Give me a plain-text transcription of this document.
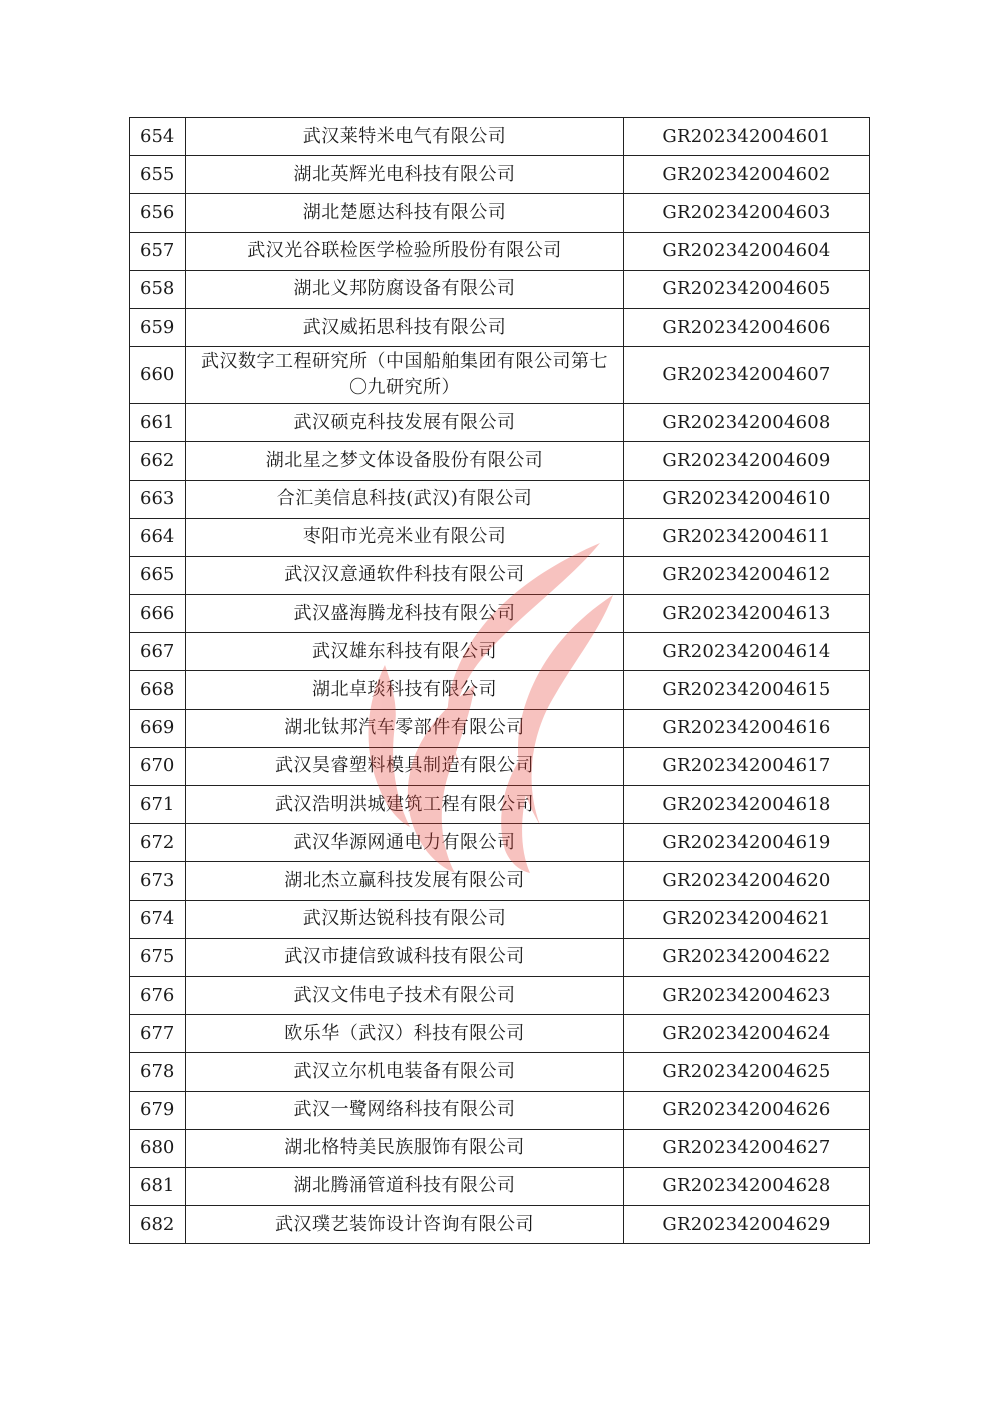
654	武汉莱特米电气有限公司	GR202342004601
655	湖北英辉光电科技有限公司	GR202342004602
656	湖北楚愿达科技有限公司	GR202342004603
657	武汉光谷联检医学检验所股份有限公司	GR202342004604
658	湖北义邦防腐设备有限公司	GR202342004605
659	武汉威拓思科技有限公司	GR202342004606
660	武汉数字工程研究所（中国船舶集团有限公司第七〇九研究所）	GR202342004607
661	武汉硕克科技发展有限公司	GR202342004608
662	湖北星之梦文体设备股份有限公司	GR202342004609
663	合汇美信息科技(武汉)有限公司	GR202342004610
664	枣阳市光亮米业有限公司	GR202342004611
665	武汉汉意通软件科技有限公司	GR202342004612
666	武汉盛海腾龙科技有限公司	GR202342004613
667	武汉雄东科技有限公司	GR202342004614
668	湖北卓琰科技有限公司	GR202342004615
669	湖北钛邦汽车零部件有限公司	GR202342004616
670	武汉昊睿塑料模具制造有限公司	GR202342004617
671	武汉浩明洪城建筑工程有限公司	GR202342004618
672	武汉华源网通电力有限公司	GR202342004619
673	湖北杰立赢科技发展有限公司	GR202342004620
674	武汉斯达锐科技有限公司	GR202342004621
675	武汉市捷信致诚科技有限公司	GR202342004622
676	武汉文伟电子技术有限公司	GR202342004623
677	欧乐华（武汉）科技有限公司	GR202342004624
678	武汉立尔机电装备有限公司	GR202342004625
679	武汉一鹭网络科技有限公司	GR202342004626
680	湖北格特美民族服饰有限公司	GR202342004627
681	湖北腾涌管道科技有限公司	GR202342004628
682	武汉璞艺装饰设计咨询有限公司	GR202342004629
